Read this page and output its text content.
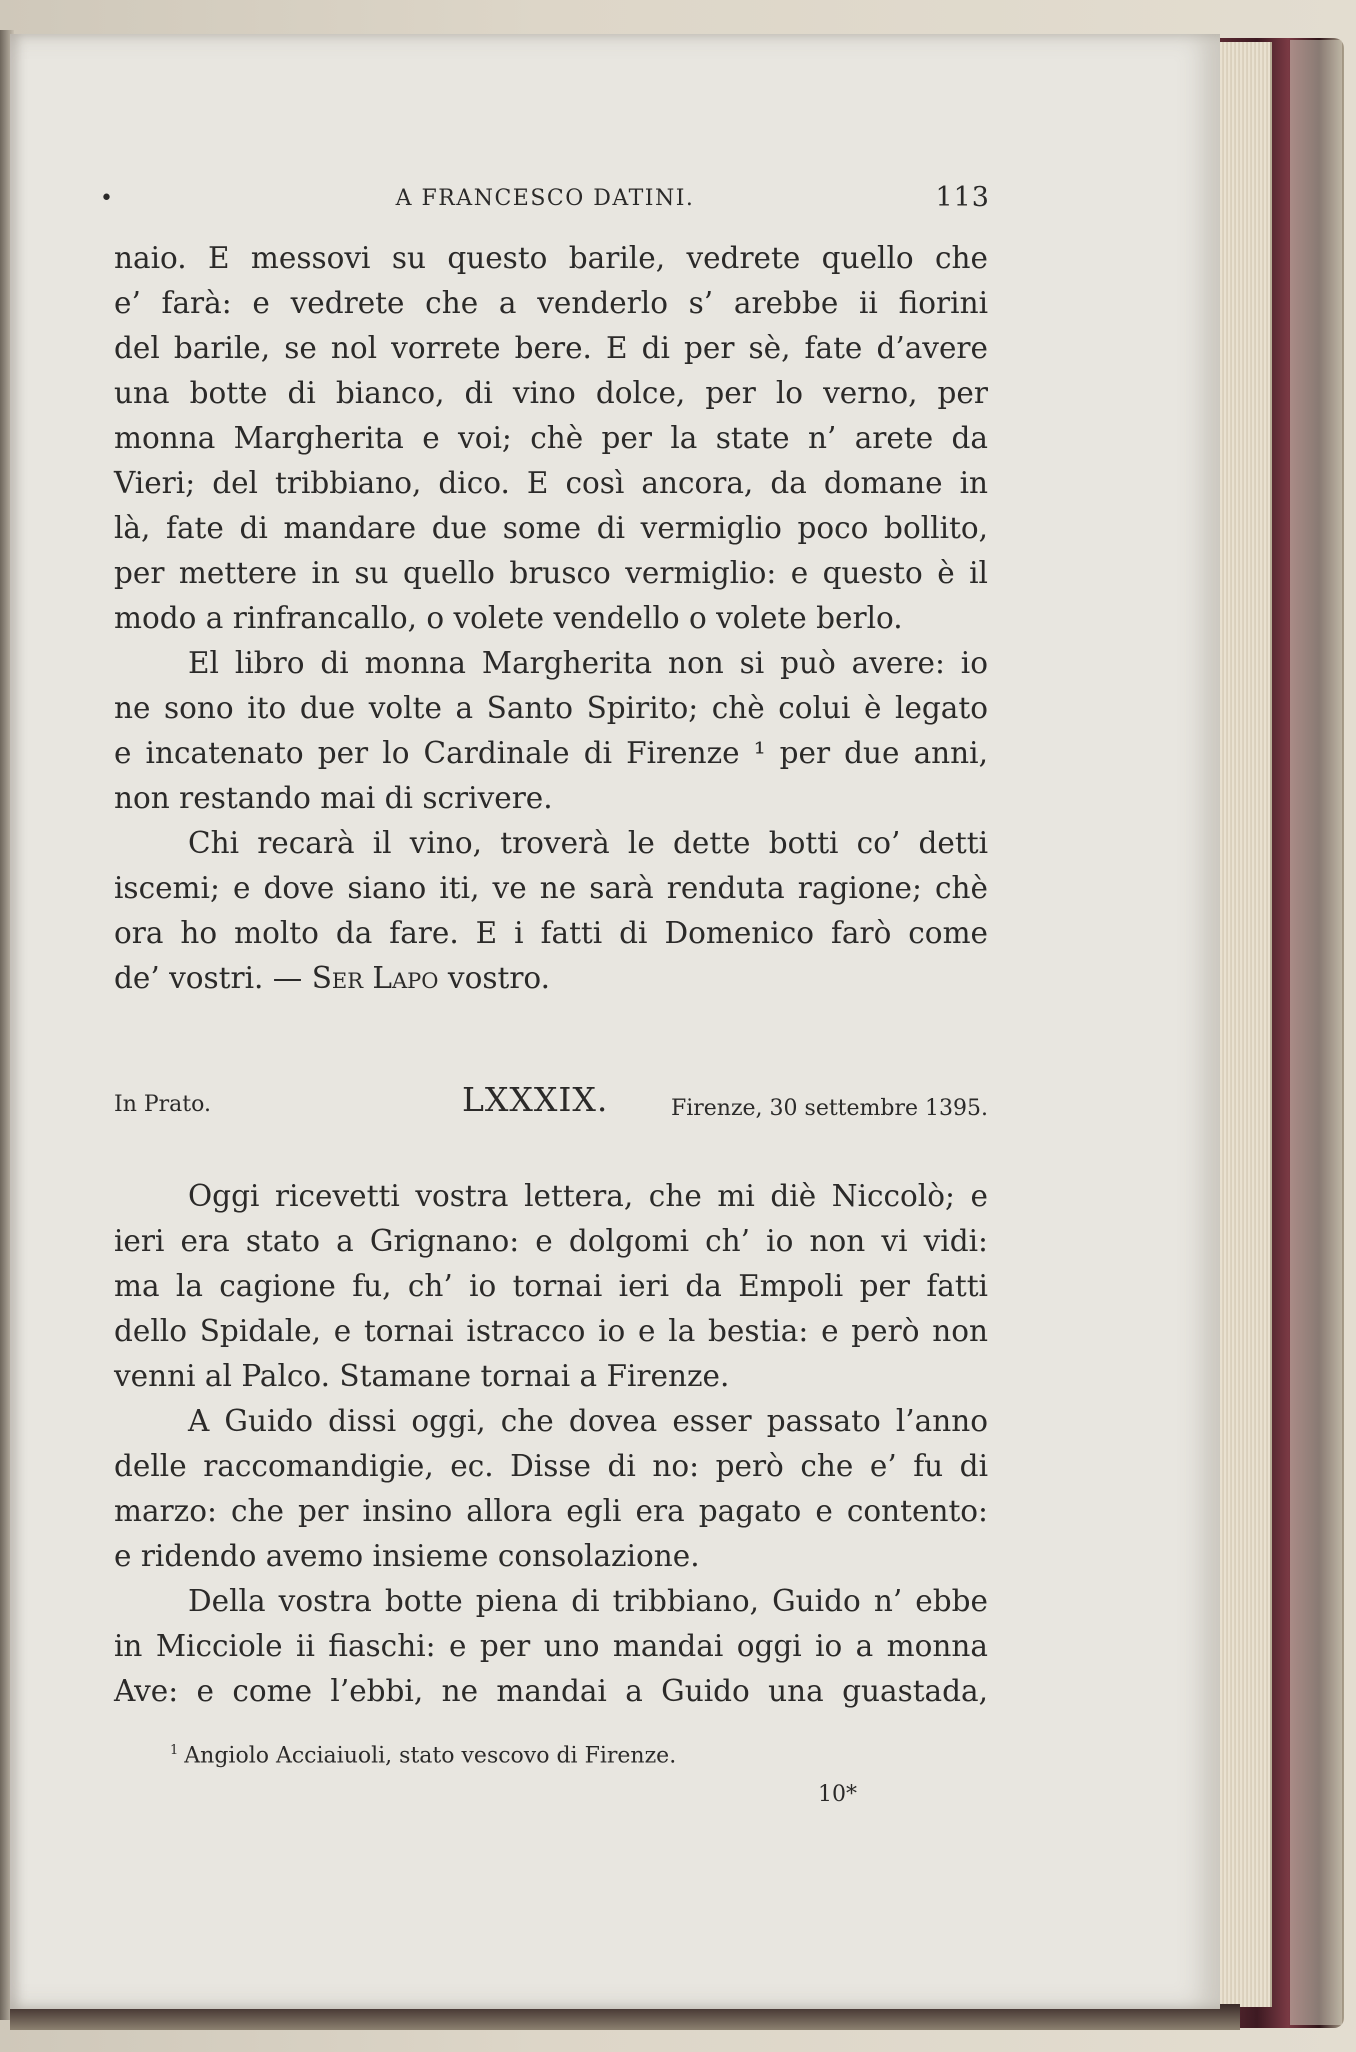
•	A FRANCESCO DATINI.	113
naio. E messovi su questo barile, vedrete quello che
e’ farà: e vedrete che a venderlo s’ arebbe ii fiorini
del barile, se nol vorrete bere. E di per sè, fate d’avere
una botte di bianco, di vino dolce, per lo verno, per
monna Margherita e voi; chè per la state n’ arete da
Vieri; del tribbiano, dico. E così ancora, da domane in
là, fate di mandare due some di vermiglio poco bollito,
per mettere in su quello brusco vermiglio: e questo è il
modo a rinfrancallo, o volete vendello o volete berlo.
El libro di monna Margherita non si può avere: io
ne sono ito due volte a Santo Spirito; chè colui è legato
e incatenato per lo Cardinale di Firenze ¹ per due anni,
non restando mai di scrivere.
Chi recarà il vino, troverà le dette botti co’ detti
iscemi; e dove siano iti, ve ne sarà renduta ragione; chè
ora ho molto da fare. E i fatti di Domenico farò come
de’ vostri. — Ser Lapo vostro.
In Prato.	LXXXIX.	Firenze, 30 settembre 1395.
Oggi ricevetti vostra lettera, che mi diè Niccolò; e
ieri era stato a Grignano: e dolgomi ch’ io non vi vidi:
ma la cagione fu, ch’ io tornai ieri da Empoli per fatti
dello Spidale, e tornai istracco io e la bestia: e però non
venni al Palco. Stamane tornai a Firenze.
A Guido dissi oggi, che dovea esser passato l’anno
delle raccomandigie, ec. Disse di no: però che e’ fu di
marzo: che per insino allora egli era pagato e contento:
e ridendo avemo insieme consolazione.
Della vostra botte piena di tribbiano, Guido n’ ebbe
in Micciole ii fiaschi: e per uno mandai oggi io a monna
Ave: e come l’ebbi, ne mandai a Guido una guastada,
$^1$ Angiolo Acciaiuoli, stato vescovo di Firenze.
10*
